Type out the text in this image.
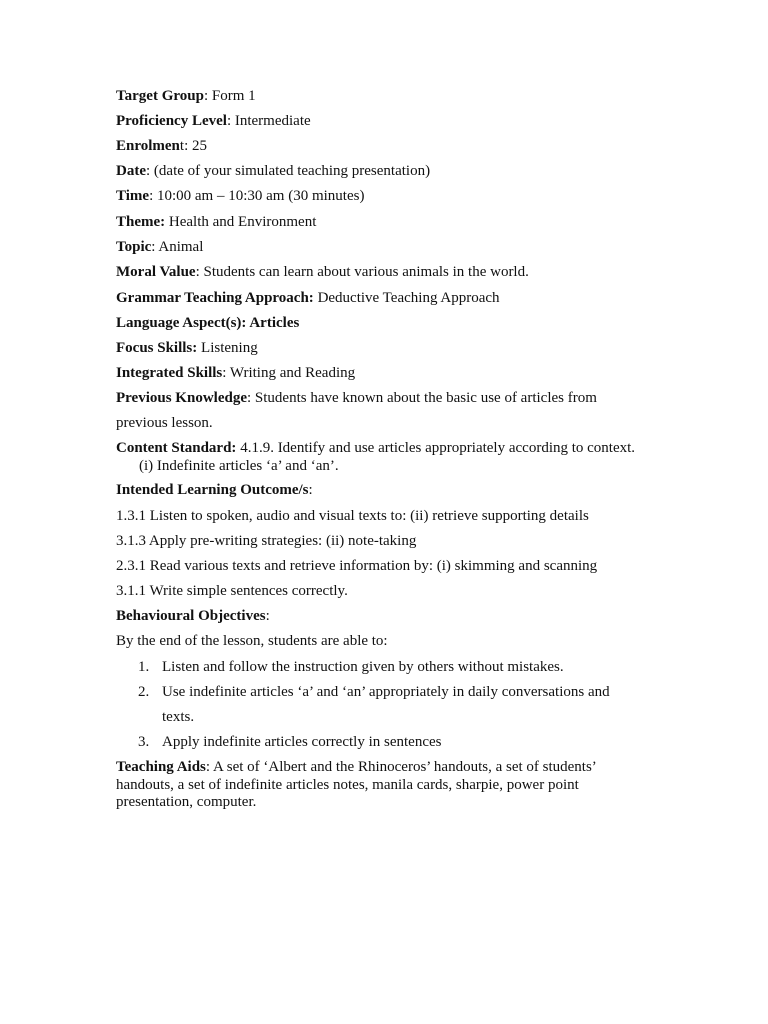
Target Group: Form 1
Proficiency Level: Intermediate
Enrolment: 25
Date: (date of your simulated teaching presentation)
Time: 10:00 am – 10:30 am (30 minutes)
Theme: Health and Environment
Topic: Animal
Moral Value: Students can learn about various animals in the world.
Grammar Teaching Approach: Deductive Teaching Approach
Language Aspect(s): Articles
Focus Skills: Listening
Integrated Skills: Writing and Reading
Previous Knowledge: Students have known about the basic use of articles from
previous lesson.
Content Standard: 4.1.9. Identify and use articles appropriately according to context.
(i) Indefinite articles ‘a’ and ‘an’.
Intended Learning Outcome/s:
1.3.1 Listen to spoken, audio and visual texts to: (ii) retrieve supporting details
3.1.3 Apply pre-writing strategies: (ii) note-taking
2.3.1 Read various texts and retrieve information by: (i) skimming and scanning
3.1.1 Write simple sentences correctly.
Behavioural Objectives:
By the end of the lesson, students are able to:
1. Listen and follow the instruction given by others without mistakes.
2. Use indefinite articles ‘a’ and ‘an’ appropriately in daily conversations and
texts.
3. Apply indefinite articles correctly in sentences
Teaching Aids: A set of ‘Albert and the Rhinoceros’ handouts, a set of students’
handouts, a set of indefinite articles notes, manila cards, sharpie, power point
presentation, computer.
